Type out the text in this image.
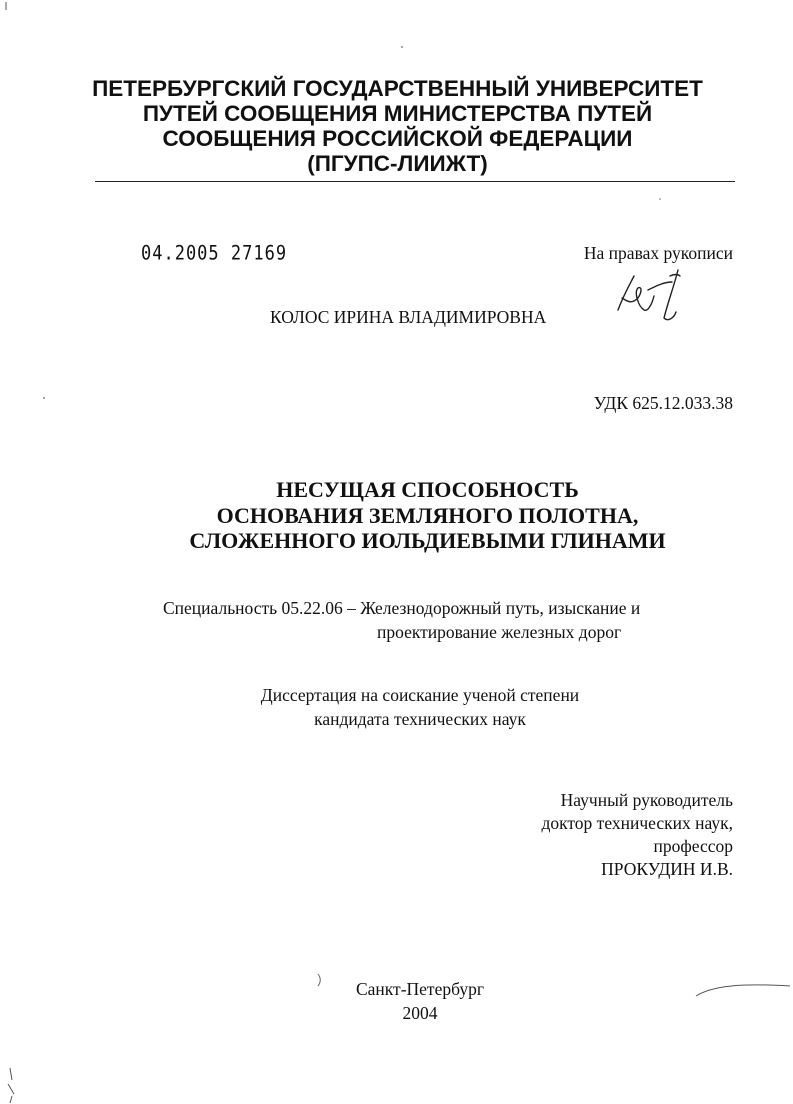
ПЕТЕРБУРГСКИЙ ГОСУДАРСТВЕННЫЙ УНИВЕРСИТЕТ
ПУТЕЙ СООБЩЕНИЯ МИНИСТЕРСТВА ПУТЕЙ
СООБЩЕНИЯ РОССИЙСКОЙ ФЕДЕРАЦИИ
(ПГУПС-ЛИИЖТ)
04.2005 27169	На правах рукописи
КОЛОС ИРИНА ВЛАДИМИРОВНА
УДК 625.12.033.38
НЕСУЩАЯ СПОСОБНОСТЬ
ОСНОВАНИЯ ЗЕМЛЯНОГО ПОЛОТНА,
СЛОЖЕННОГО ИОЛЬДИЕВЫМИ ГЛИНАМИ
Специальность 05.22.06 – Железнодорожный путь, изыскание и
проектирование железных дорог
Диссертация на соискание ученой степени
кандидата технических наук
Научный руководитель
доктор технических наук,
профессор
ПРОКУДИН И.В.
Санкт-Петербург
2004
